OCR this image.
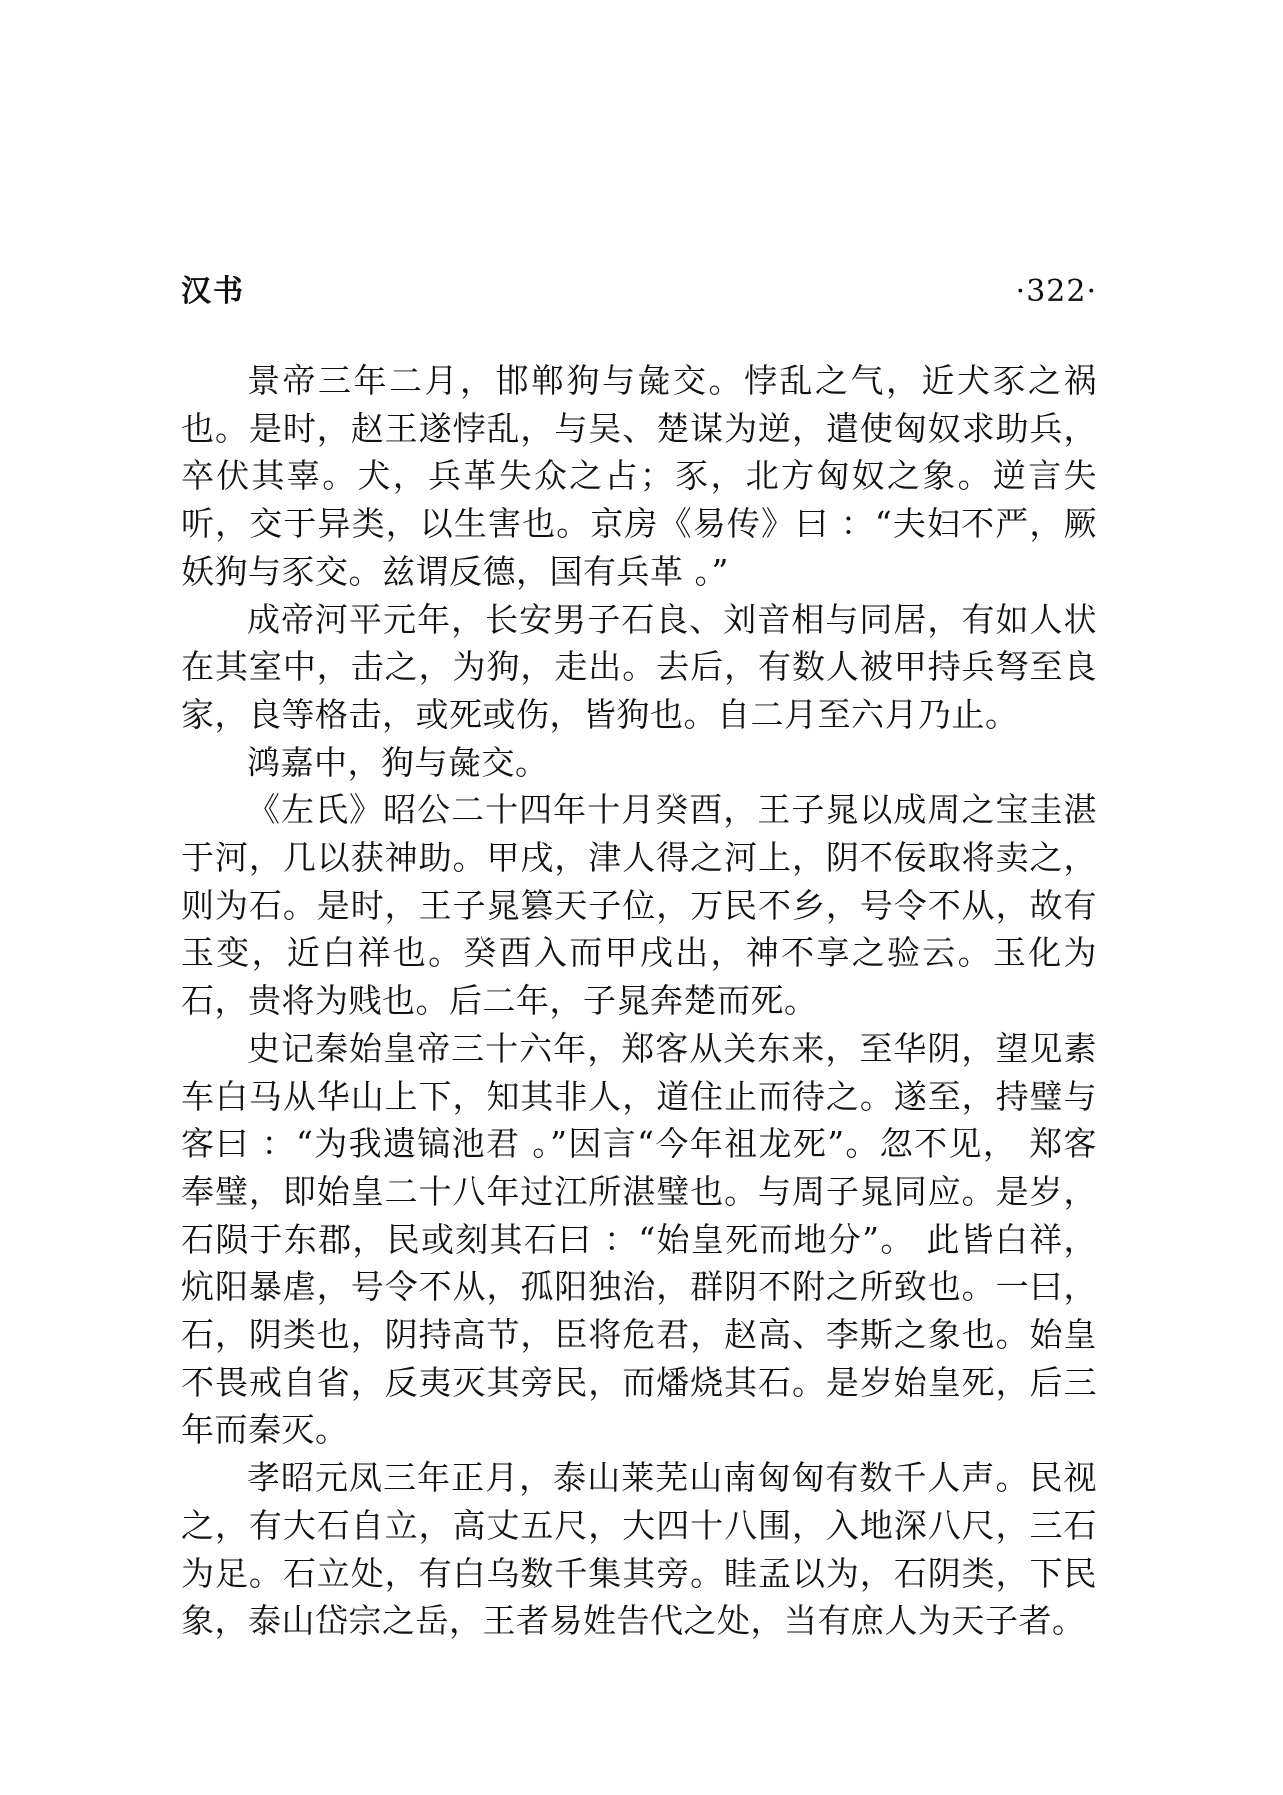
汉书	·322·

景帝三年二月，邯郸狗与彘交。悖乱之气，近犬豕之祸也。是时，赵王遂悖乱，与吴、楚谋为逆，遣使匈奴求助兵，卒伏其辜。犬，兵革失众之占；豕，北方匈奴之象。逆言失听，交于异类，以生害也。京房《易传》曰 ：“夫妇不严，厥妖狗与豕交。兹谓反德，国有兵革 。”

成帝河平元年，长安男子石良、刘音相与同居，有如人状在其室中，击之，为狗，走出。去后，有数人被甲持兵弩至良家，良等格击，或死或伤，皆狗也。自二月至六月乃止。

鸿嘉中，狗与彘交。

《左氏》昭公二十四年十月癸酉，王子晁以成周之宝圭湛于河，几以获神助。甲戌，津人得之河上，阴不佞取将卖之，则为石。是时，王子晁篡天子位，万民不乡，号令不从，故有玉变，近白祥也。癸酉入而甲戌出，神不享之验云。玉化为石，贵将为贱也。后二年，子晁奔楚而死。

史记秦始皇帝三十六年，郑客从关东来，至华阴，望见素车白马从华山上下，知其非人，道住止而待之。遂至，持璧与客曰 ：“为我遗镐池君 。”因言“今年祖龙死”。忽不见， 郑客奉璧，即始皇二十八年过江所湛璧也。与周子晁同应。是岁，石陨于东郡，民或刻其石曰 ：“始皇死而地分”。 此皆白祥，炕阳暴虐，号令不从，孤阳独治，群阴不附之所致也。一曰，石，阴类也，阴持高节，臣将危君，赵高、李斯之象也。始皇不畏戒自省，反夷灭其旁民，而燔烧其石。是岁始皇死，后三年而秦灭。

孝昭元凤三年正月，泰山莱芜山南匈匈有数千人声。民视之，有大石自立，高丈五尺，大四十八围，入地深八尺，三石为足。石立处，有白乌数千集其旁。眭孟以为，石阴类，下民象，泰山岱宗之岳，王者易姓告代之处，当有庶人为天子者。
